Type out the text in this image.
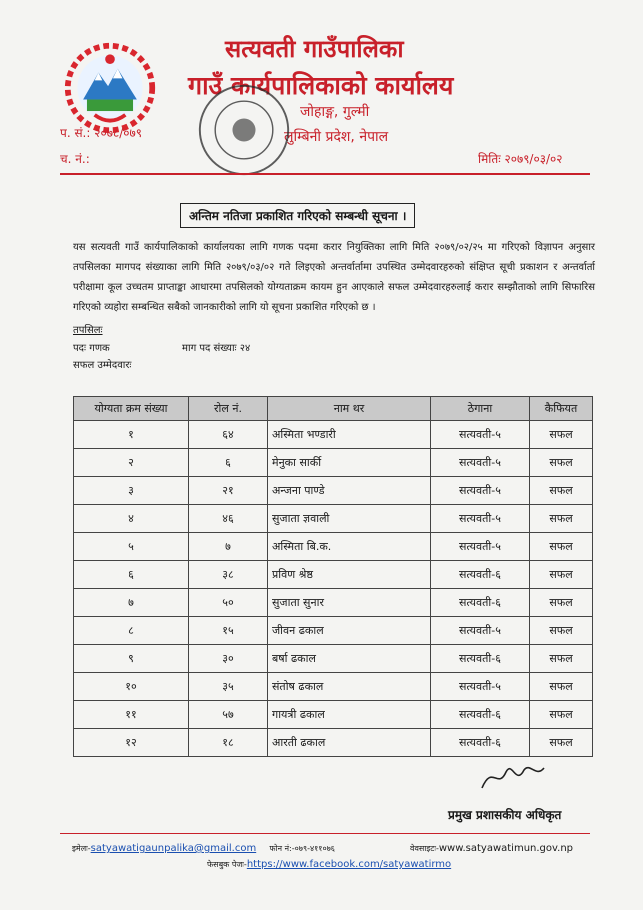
सत्यवती गाउँपालिका
गाउँ कार्यपालिकाको कार्यालय
जोहाङ्ग, गुल्मी
लुम्बिनी प्रदेश, नेपाल
प. सं.: २०७८/०७९
च. नं.:	मितिः २०७९/०३/०२
अन्तिम नतिजा प्रकाशित गरिएको सम्बन्धी सूचना ।
यस सत्यवती गाउँ कार्यपालिकाको कार्यालयका लागि गणक पदमा करार नियुक्तिका लागि मिति २०७९/०२/२५ मा गरिएको विज्ञापन अनुसार तपसिलका मागपद संख्याका लागि मिति २०७९/०३/०२ गते लिइएको अन्तर्वार्तामा उपस्थित उम्मेदवारहरुको संक्षिप्त सूची प्रकाशन र अन्तर्वार्ता परीक्षामा कूल उच्चतम प्राप्ताङ्का आधारमा तपसिलको योग्यताक्रम कायम हुन आएकाले सफल उम्मेदवारहरुलाई करार सम्झौताको लागि सिफारिस गरिएको व्यहोरा सम्बन्धित सबैको जानकारीको लागि यो सूचना प्रकाशित गरिएको छ ।
तपसिलः
पदः गणक	माग पद संख्याः २४
सफल उम्मेदवारः
योग्यता क्रम संख्या	रोल नं.	नाम थर	ठेगाना	कैफियत
१	६४	अस्मिता भण्डारी	सत्यवती-५	सफल
२	६	मेनुका सार्की	सत्यवती-५	सफल
३	२१	अन्जना पाण्डे	सत्यवती-५	सफल
४	४६	सुजाता ज्ञवाली	सत्यवती-५	सफल
५	७	अस्मिता बि.क.	सत्यवती-५	सफल
६	३८	प्रविण श्रेष्ठ	सत्यवती-६	सफल
७	५०	सुजाता सुनार	सत्यवती-६	सफल
८	१५	जीवन ढकाल	सत्यवती-५	सफल
९	३०	बर्षा ढकाल	सत्यवती-६	सफल
१०	३५	संतोष ढकाल	सत्यवती-५	सफल
११	५७	गायत्री ढकाल	सत्यवती-६	सफल
१२	१८	आरती ढकाल	सत्यवती-६	सफल
प्रमुख प्रशासकीय अधिकृत
इमेलः-satyawatigaunpalika@gmail.com फोन नं:-०७९-४११०७६	वेवसाइटः-www.satyawatimun.gov.np
फेसबुक पेजः-https://www.facebook.com/satyawatirmo
